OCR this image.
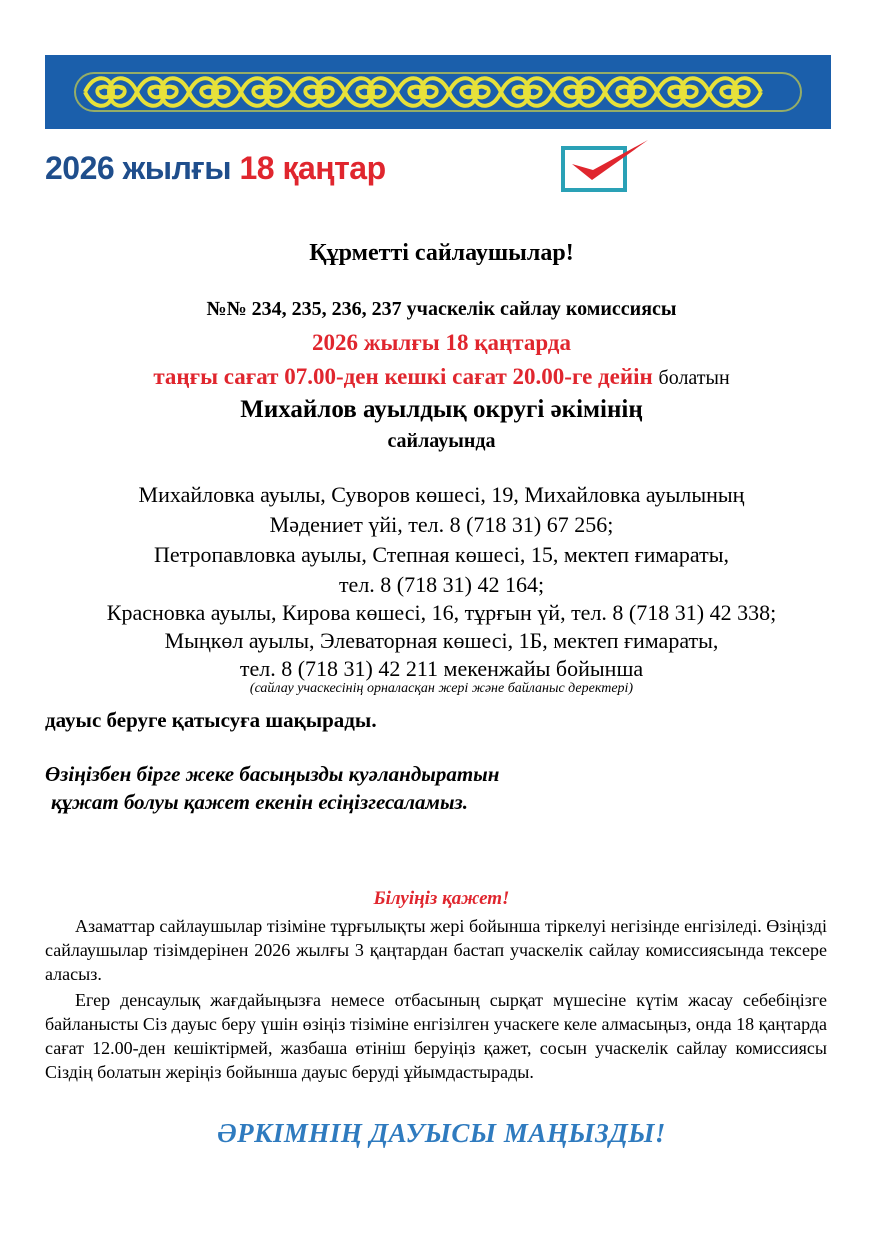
2026 жылғы 18 қаңтар
Құрметті сайлаушылар!
№№ 234, 235, 236, 237 учаскелік сайлау комиссиясы
2026 жылғы 18 қаңтарда
таңғы сағат 07.00-ден кешкі сағат 20.00-ге дейін болатын
Михайлов ауылдық округі әкімінің
сайлауында
Михайловка ауылы, Суворов көшесі, 19, Михайловка ауылының
Мәдениет үйі, тел. 8 (718 31) 67 256;
Петропавловка ауылы, Степная көшесі, 15, мектеп ғимараты,
тел. 8 (718 31) 42 164;
Красновка ауылы, Кирова көшесі, 16, тұрғын үй, тел. 8 (718 31) 42 338;
Мыңкөл ауылы, Элеваторная көшесі, 1Б, мектеп ғимараты,
тел. 8 (718 31) 42 211 мекенжайы бойынша
(сайлау учаскесінің орналасқан жері және байланыс деректері)
дауыс беруге қатысуға шақырады.
Өзіңізбен бірге жеке басыңызды куәландыратын
құжат болуы қажет екенін есіңізгесаламыз.
Білуіңіз қажет!
Азаматтар сайлаушылар тізіміне тұрғылықты жері бойынша тіркелуі негізінде енгізіледі. Өзіңізді сайлаушылар тізімдерінен 2026 жылғы 3 қаңтардан бастап учаскелік сайлау комиссиясында тексере аласыз.
Егер денсаулық жағдайыңызға немесе отбасының сырқат мүшесіне күтім жасау себебіңізге байланысты Сіз дауыс беру үшін өзіңіз тізіміне енгізілген учаскеге келе алмасыңыз, онда 18 қаңтарда сағат 12.00-ден кешіктірмей, жазбаша өтініш беруіңіз қажет, сосын учаскелік сайлау комиссиясы Сіздің болатын жеріңіз бойынша дауыс беруді ұйымдастырады.
ӘРКІМНІҢ ДАУЫСЫ МАҢЫЗДЫ!
